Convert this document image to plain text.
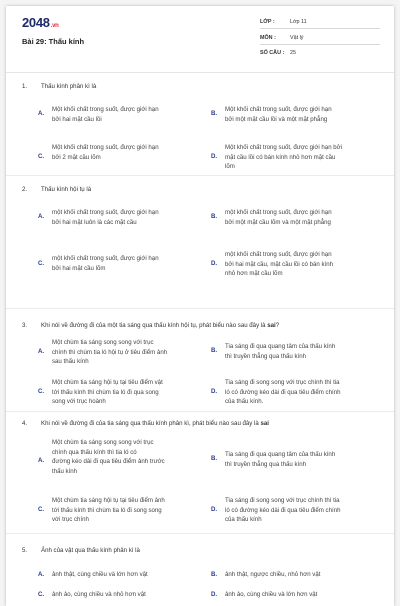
2048.vn
Bài 29: Thấu kính
LỚP :	Lớp 11
MÔN :	Vật lý
SỐ CÂU : 25
1. Thấu kính phân kì là
A.
Một khối chất trong suốt, được giới hạn
bởi hai mặt cầu lồi
B.
Một khối chất trong suốt, được giới hạn
bởi một mặt cầu lồi và một mặt phẳng
C.
Một khối chất trong suốt, được giới hạn
bởi 2 mặt cầu lõm	D.
Một khối chất trong suốt, được giới hạn bởi
mặt cầu lồi có bán kính nhỏ hơn mặt cầu
lõm
2. Thấu kính hội tụ là
A.
một khối chất trong suốt, được giới hạn
bởi hai mặt luôn là các mặt cầu
B.
một khối chất trong suốt, được giới hạn
bởi một mặt cầu lõm và một mặt phẳng
C.
một khối chất trong suốt, được giới hạn
bởi hai mặt cầu lõm
D.
một khối chất trong suốt, được giới hạn
bởi hai mặt cầu, mặt cầu lồi có bán kính
nhỏ hơn mặt cầu lõm
3. Khi nói về đường đi của một tia sáng qua thấu kính hội tụ, phát biểu nào sau đây là sai?
A.
Một chùm tia sáng song song với trục
chính thì chùm tia ló hội tụ ở tiêu điểm ảnh
sau thấu kính
B.
Tia sáng đi qua quang tâm của thấu kính
thì truyền thẳng qua thấu kính
C.
Một chùm tia sáng hội tụ tại tiêu điểm vật
tới thấu kính thì chùm tia ló đi qua song
song với trục hoành
D.
Tia sáng đi song song với trục chính thì tia
ló có đường kéo dài đi qua tiêu điểm chính
của thấu kính.
4. Khi nói về đường đi của tia sáng qua thấu kính phân kì, phát biểu nào sau đây là sai
A.
Một chùm tia sáng song song với trục
chính qua thấu kính thì tia ló có
đường kéo dài đi qua tiêu điểm ảnh trước
thấu kính
B.
Tia sáng đi qua quang tâm của thấu kính
thì truyền thẳng qua thấu kính
C.
Một chùm tia sáng hội tụ tại tiêu điểm ảnh
tới thấu kính thì chùm tia ló đi song song
với trục chính
D.
Tia sáng đi song song với trục chính thì tia
ló có đường kéo dài đi qua tiêu điểm chính
của thấu kính
5. Ảnh của vật qua thấu kính phân kì là
A. ảnh thật, cùng chiều và lớn hơn vật	B. ảnh thật, ngược chiều, nhỏ hơn vật
C. ảnh ảo, cùng chiều và nhỏ hơn vật	D. ảnh ảo, cùng chiều và lớn hơn vật
